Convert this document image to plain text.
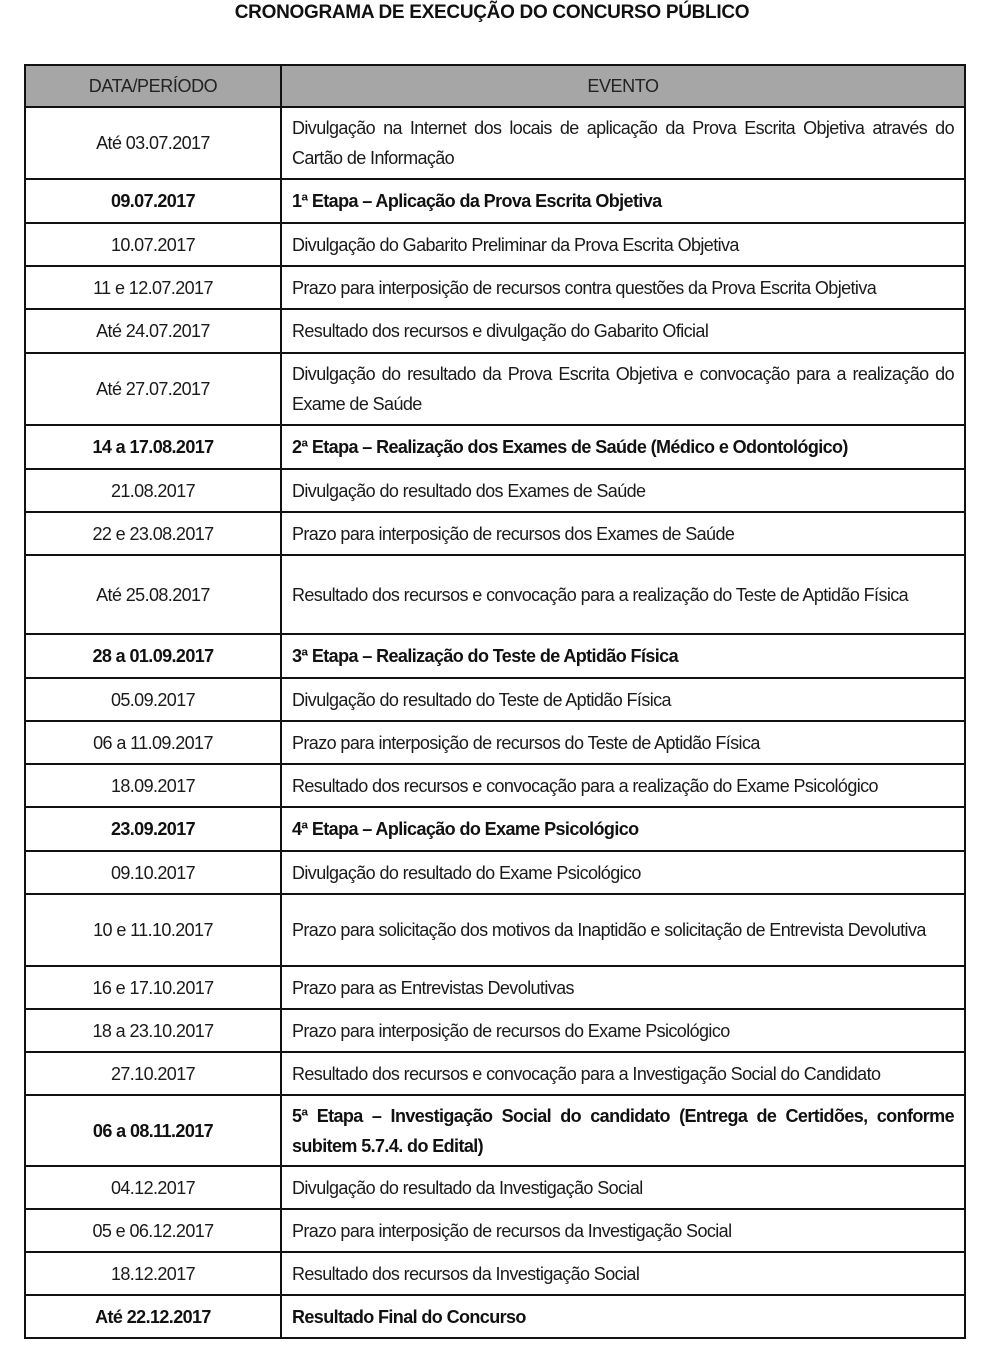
CRONOGRAMA DE EXECUÇÃO DO CONCURSO PÚBLICO
DATA/PERÍODO	EVENTO
Até 03.07.2017	Divulgação na Internet dos locais de aplicação da Prova Escrita Objetiva através do Cartão de Informação
09.07.2017	1ª Etapa – Aplicação da Prova Escrita Objetiva
10.07.2017	Divulgação do Gabarito Preliminar da Prova Escrita Objetiva
11 e 12.07.2017	Prazo para interposição de recursos contra questões da Prova Escrita Objetiva
Até 24.07.2017	Resultado dos recursos e divulgação do Gabarito Oficial
Até 27.07.2017	Divulgação do resultado da Prova Escrita Objetiva e convocação para a realização do Exame de Saúde
14 a 17.08.2017	2ª Etapa – Realização dos Exames de Saúde (Médico e Odontológico)
21.08.2017	Divulgação do resultado dos Exames de Saúde
22 e 23.08.2017	Prazo para interposição de recursos dos Exames de Saúde
Até 25.08.2017	Resultado dos recursos e convocação para a realização do Teste de Aptidão Física
28 a 01.09.2017	3ª Etapa – Realização do Teste de Aptidão Física
05.09.2017	Divulgação do resultado do Teste de Aptidão Física
06 a 11.09.2017	Prazo para interposição de recursos do Teste de Aptidão Física
18.09.2017	Resultado dos recursos e convocação para a realização do Exame Psicológico
23.09.2017	4ª Etapa – Aplicação do Exame Psicológico
09.10.2017	Divulgação do resultado do Exame Psicológico
10 e 11.10.2017	Prazo para solicitação dos motivos da Inaptidão e solicitação de Entrevista Devolutiva
16 e 17.10.2017	Prazo para as Entrevistas Devolutivas
18 a 23.10.2017	Prazo para interposição de recursos do Exame Psicológico
27.10.2017	Resultado dos recursos e convocação para a Investigação Social do Candidato
06 a 08.11.2017	5ª Etapa – Investigação Social do candidato (Entrega de Certidões, conforme subitem 5.7.4. do Edital)
04.12.2017	Divulgação do resultado da Investigação Social
05 e 06.12.2017	Prazo para interposição de recursos da Investigação Social
18.12.2017	Resultado dos recursos da Investigação Social
Até 22.12.2017	Resultado Final do Concurso
